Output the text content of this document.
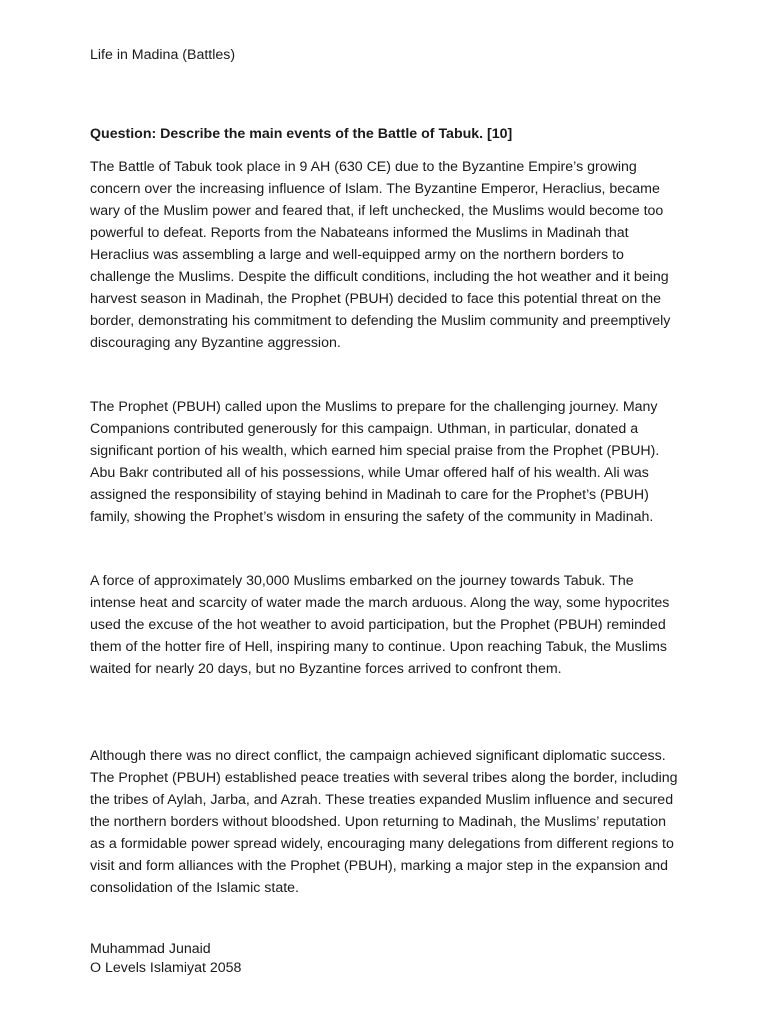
Life in Madina (Battles)
Question: Describe the main events of the Battle of Tabuk. [10]

The Battle of Tabuk took place in 9 AH (630 CE) due to the Byzantine Empire’s growing concern over the increasing influence of Islam. The Byzantine Emperor, Heraclius, became wary of the Muslim power and feared that, if left unchecked, the Muslims would become too powerful to defeat. Reports from the Nabateans informed the Muslims in Madinah that Heraclius was assembling a large and well-equipped army on the northern borders to challenge the Muslims. Despite the difficult conditions, including the hot weather and it being harvest season in Madinah, the Prophet (PBUH) decided to face this potential threat on the border, demonstrating his commitment to defending the Muslim community and preemptively discouraging any Byzantine aggression.

The Prophet (PBUH) called upon the Muslims to prepare for the challenging journey. Many Companions contributed generously for this campaign. Uthman, in particular, donated a significant portion of his wealth, which earned him special praise from the Prophet (PBUH). Abu Bakr contributed all of his possessions, while Umar offered half of his wealth. Ali was assigned the responsibility of staying behind in Madinah to care for the Prophet’s (PBUH) family, showing the Prophet’s wisdom in ensuring the safety of the community in Madinah.

A force of approximately 30,000 Muslims embarked on the journey towards Tabuk. The intense heat and scarcity of water made the march arduous. Along the way, some hypocrites used the excuse of the hot weather to avoid participation, but the Prophet (PBUH) reminded them of the hotter fire of Hell, inspiring many to continue. Upon reaching Tabuk, the Muslims waited for nearly 20 days, but no Byzantine forces arrived to confront them.

Although there was no direct conflict, the campaign achieved significant diplomatic success. The Prophet (PBUH) established peace treaties with several tribes along the border, including the tribes of Aylah, Jarba, and Azrah. These treaties expanded Muslim influence and secured the northern borders without bloodshed. Upon returning to Madinah, the Muslims’ reputation as a formidable power spread widely, encouraging many delegations from different regions to visit and form alliances with the Prophet (PBUH), marking a major step in the expansion and consolidation of the Islamic state.

Muhammad Junaid
O Levels Islamiyat 2058
